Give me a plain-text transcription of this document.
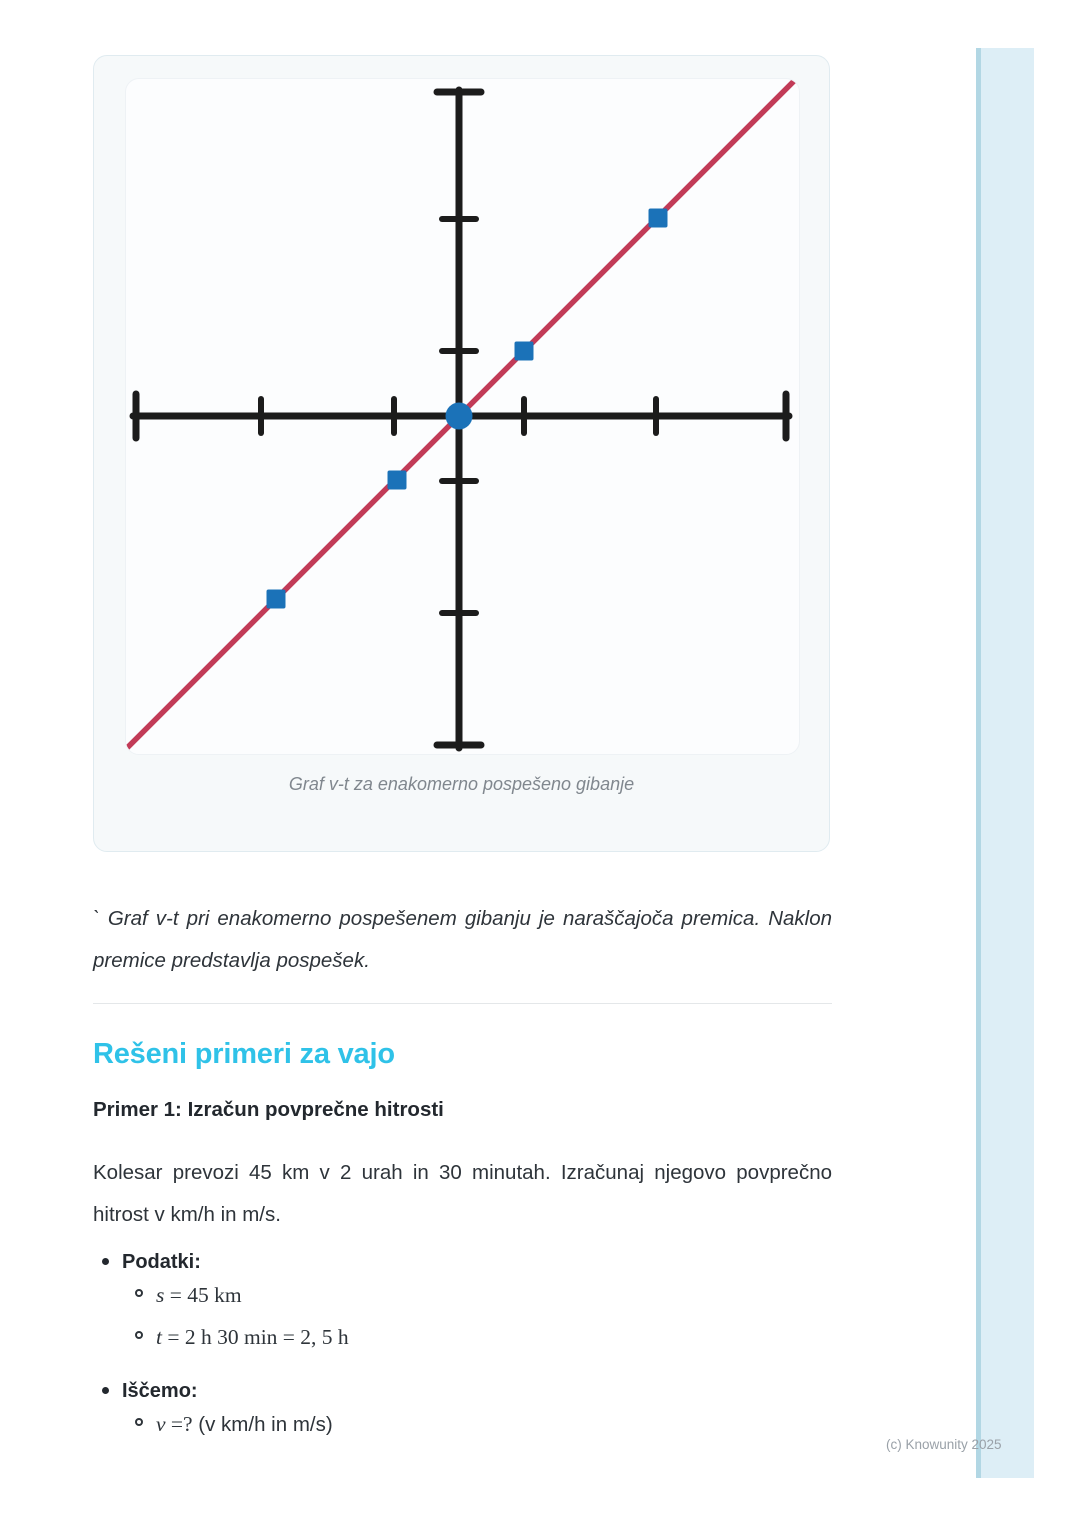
Graf v-t za enakomerno pospešeno gibanje

` Graf v-t pri enakomerno pospešenem gibanju je naraščajoča premica. Naklon premice predstavlja pospešek.

Rešeni primeri za vajo
Primer 1: Izračun povprečne hitrosti

Kolesar prevozi 45 km v 2 urah in 30 minutah. Izračunaj njegovo povprečno hitrost v km/h in m/s.

Podatki:
s = 45 km
t = 2 h 30 min = 2, 5 h
Iščemo:
v =? (v km/h in m/s)
(c) Knowunity 2025
